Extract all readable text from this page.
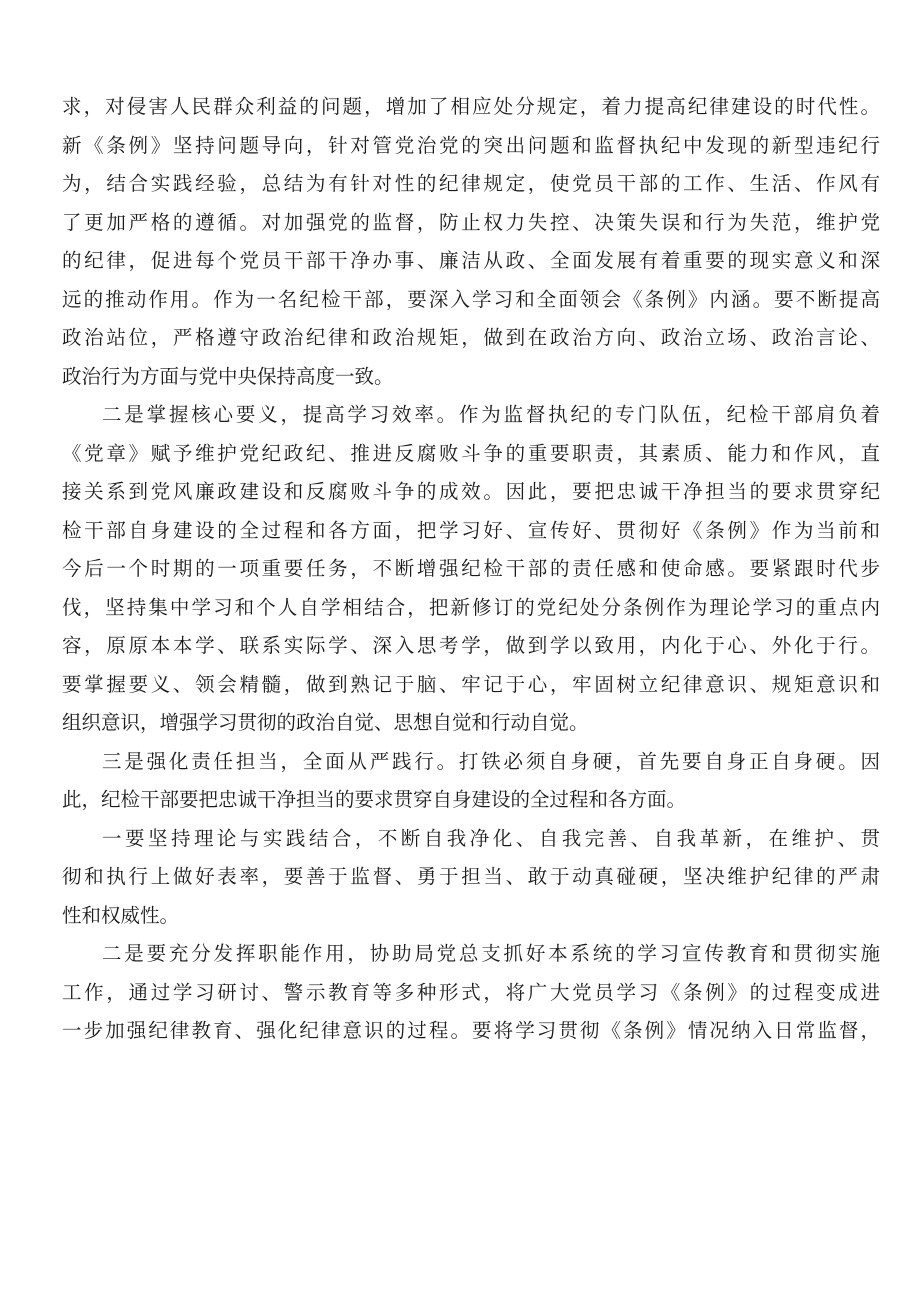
求，对侵害人民群众利益的问题，增加了相应处分规定，着力提高纪律建设的时代性。
新《条例》坚持问题导向，针对管党治党的突出问题和监督执纪中发现的新型违纪行
为，结合实践经验，总结为有针对性的纪律规定，使党员干部的工作、生活、作风有
了更加严格的遵循。对加强党的监督，防止权力失控、决策失误和行为失范，维护党
的纪律，促进每个党员干部干净办事、廉洁从政、全面发展有着重要的现实意义和深
远的推动作用。作为一名纪检干部，要深入学习和全面领会《条例》内涵。要不断提高
政治站位，严格遵守政治纪律和政治规矩，做到在政治方向、政治立场、政治言论、
政治行为方面与党中央保持高度一致。
二是掌握核心要义，提高学习效率。作为监督执纪的专门队伍，纪检干部肩负着
《党章》赋予维护党纪政纪、推进反腐败斗争的重要职责，其素质、能力和作风，直
接关系到党风廉政建设和反腐败斗争的成效。因此，要把忠诚干净担当的要求贯穿纪
检干部自身建设的全过程和各方面，把学习好、宣传好、贯彻好《条例》作为当前和
今后一个时期的一项重要任务，不断增强纪检干部的责任感和使命感。要紧跟时代步
伐，坚持集中学习和个人自学相结合，把新修订的党纪处分条例作为理论学习的重点内
容，原原本本学、联系实际学、深入思考学，做到学以致用，内化于心、外化于行。
要掌握要义、领会精髓，做到熟记于脑、牢记于心，牢固树立纪律意识、规矩意识和
组织意识，增强学习贯彻的政治自觉、思想自觉和行动自觉。
三是强化责任担当，全面从严践行。打铁必须自身硬，首先要自身正自身硬。因
此，纪检干部要把忠诚干净担当的要求贯穿自身建设的全过程和各方面。
一要坚持理论与实践结合，不断自我净化、自我完善、自我革新，在维护、贯
彻和执行上做好表率，要善于监督、勇于担当、敢于动真碰硬，坚决维护纪律的严肃
性和权威性。
二是要充分发挥职能作用，协助局党总支抓好本系统的学习宣传教育和贯彻实施
工作，通过学习研讨、警示教育等多种形式，将广大党员学习《条例》的过程变成进
一步加强纪律教育、强化纪律意识的过程。要将学习贯彻《条例》情况纳入日常监督，
